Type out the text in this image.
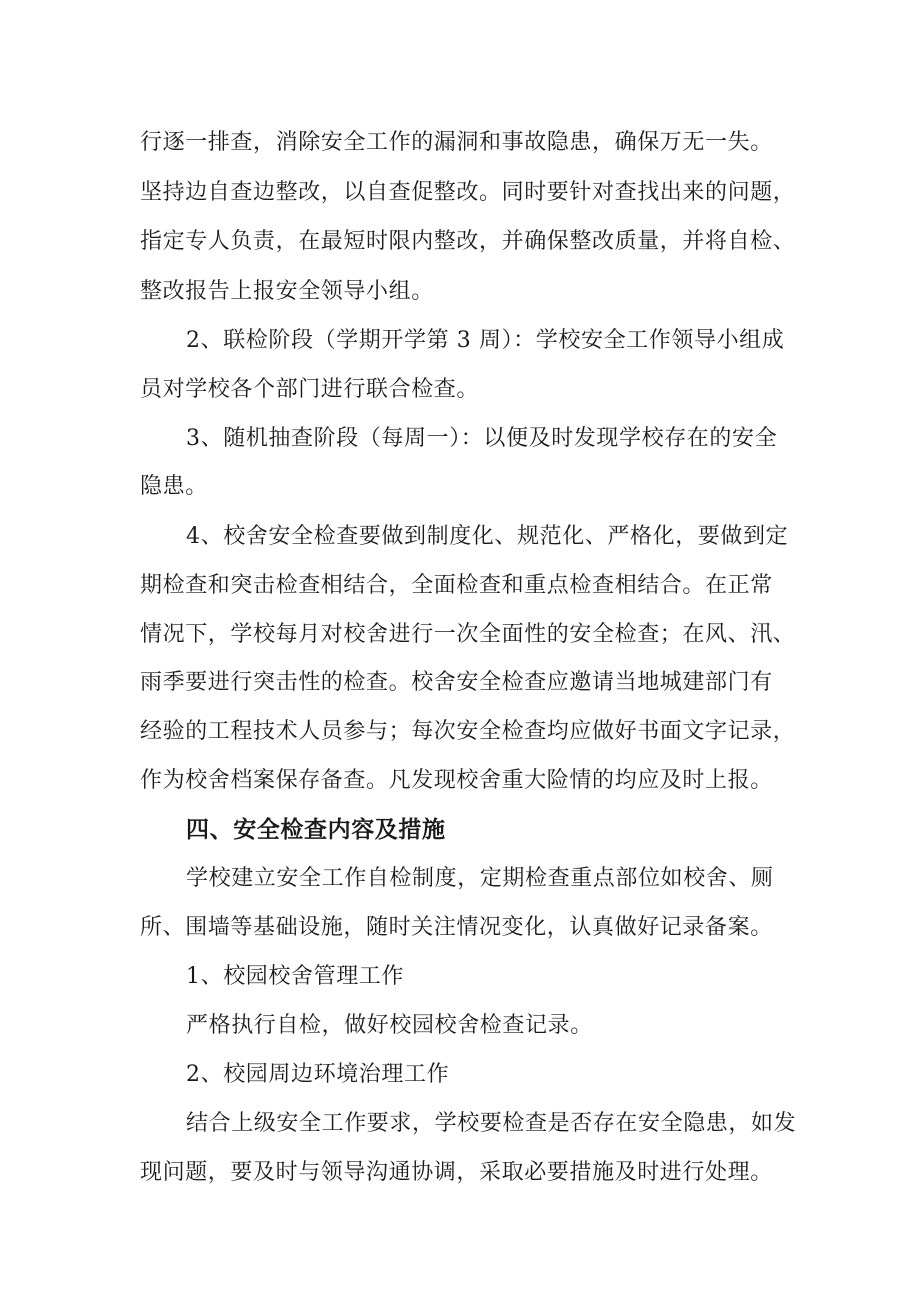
行逐一排查，消除安全工作的漏洞和事故隐患，确保万无一失。
坚持边自查边整改，以自查促整改。同时要针对查找出来的问题，
指定专人负责，在最短时限内整改，并确保整改质量，并将自检、
整改报告上报安全领导小组。
2、联检阶段（学期开学第 3 周）：学校安全工作领导小组成
员对学校各个部门进行联合检查。
3、随机抽查阶段（每周一）：以便及时发现学校存在的安全
隐患。
4、校舍安全检查要做到制度化、规范化、严格化，要做到定
期检查和突击检查相结合，全面检查和重点检查相结合。在正常
情况下，学校每月对校舍进行一次全面性的安全检查；在风、汛、
雨季要进行突击性的检查。校舍安全检查应邀请当地城建部门有
经验的工程技术人员参与；每次安全检查均应做好书面文字记录，
作为校舍档案保存备查。凡发现校舍重大险情的均应及时上报。
四、安全检查内容及措施
学校建立安全工作自检制度，定期检查重点部位如校舍、厕
所、围墙等基础设施，随时关注情况变化，认真做好记录备案。
1、校园校舍管理工作
严格执行自检，做好校园校舍检查记录。
2、校园周边环境治理工作
结合上级安全工作要求，学校要检查是否存在安全隐患，如发
现问题，要及时与领导沟通协调，采取必要措施及时进行处理。
